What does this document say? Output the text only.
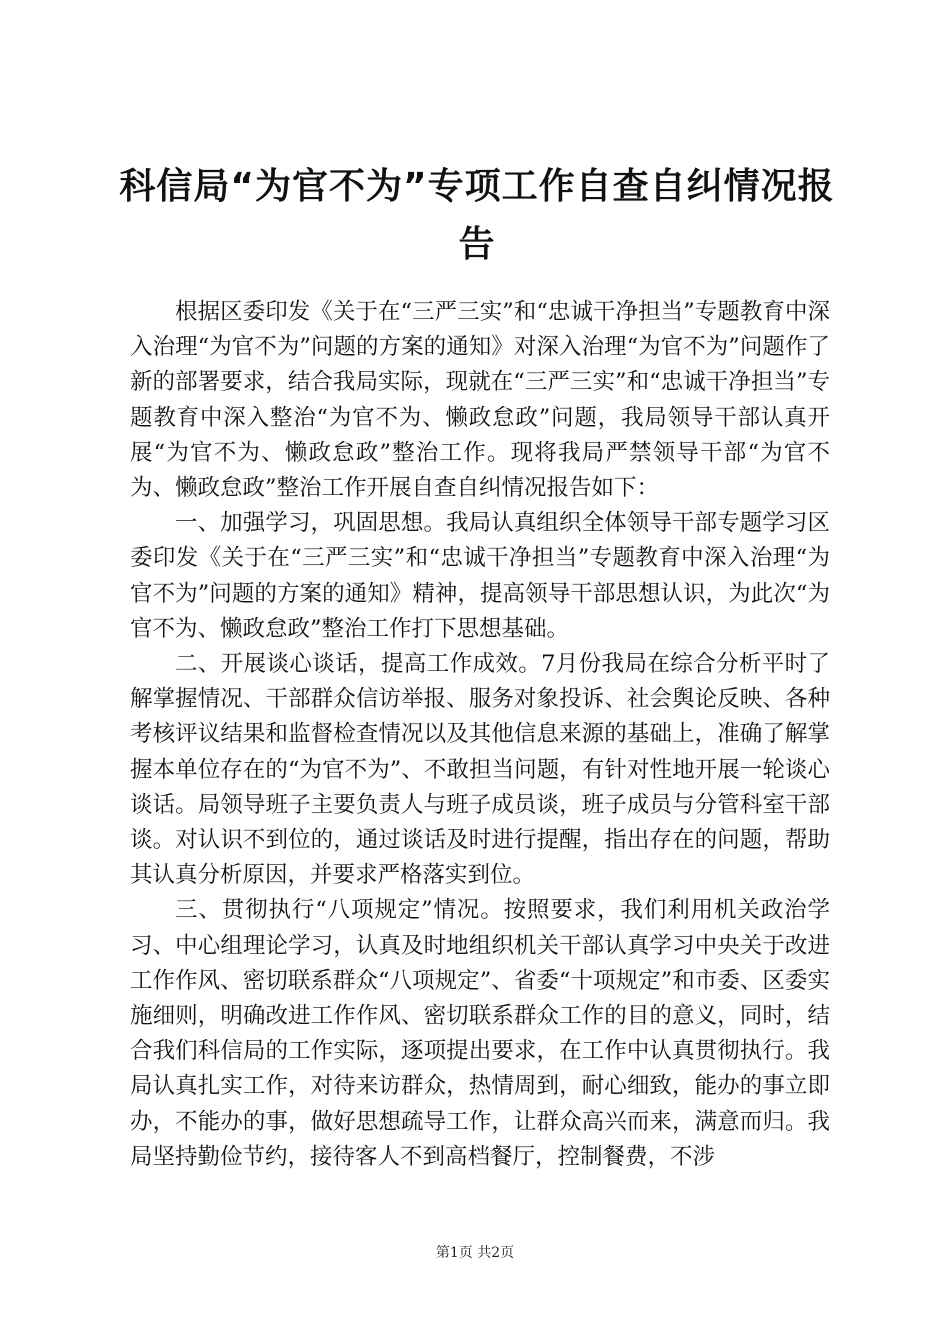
科信局“为官不为”专项工作自查自纠情况报告

根据区委印发《关于在“三严三实”和“忠诚干净担当”专题教育中深入治理“为官不为”问题的方案的通知》对深入治理“为官不为”问题作了新的部署要求，结合我局实际，现就在“三严三实”和“忠诚干净担当”专题教育中深入整治“为官不为、懒政怠政”问题，我局领导干部认真开展“为官不为、懒政怠政”整治工作。现将我局严禁领导干部“为官不为、懒政怠政”整治工作开展自查自纠情况报告如下：

一、加强学习，巩固思想。我局认真组织全体领导干部专题学习区委印发《关于在“三严三实”和“忠诚干净担当”专题教育中深入治理“为官不为”问题的方案的通知》精神，提高领导干部思想认识，为此次“为官不为、懒政怠政”整治工作打下思想基础。

二、开展谈心谈话，提高工作成效。7月份我局在综合分析平时了解掌握情况、干部群众信访举报、服务对象投诉、社会舆论反映、各种考核评议结果和监督检查情况以及其他信息来源的基础上，准确了解掌握本单位存在的“为官不为”、不敢担当问题，有针对性地开展一轮谈心谈话。局领导班子主要负责人与班子成员谈，班子成员与分管科室干部谈。对认识不到位的，通过谈话及时进行提醒，指出存在的问题，帮助其认真分析原因，并要求严格落实到位。

三、贯彻执行“八项规定”情况。按照要求，我们利用机关政治学习、中心组理论学习，认真及时地组织机关干部认真学习中央关于改进工作作风、密切联系群众“八项规定”、省委“十项规定”和市委、区委实施细则，明确改进工作作风、密切联系群众工作的目的意义，同时，结合我们科信局的工作实际，逐项提出要求，在工作中认真贯彻执行。我局认真扎实工作，对待来访群众，热情周到，耐心细致，能办的事立即办，不能办的事，做好思想疏导工作，让群众高兴而来，满意而归。我局坚持勤俭节约，接待客人不到高档餐厅，控制餐费，不涉

第1页 共2页
